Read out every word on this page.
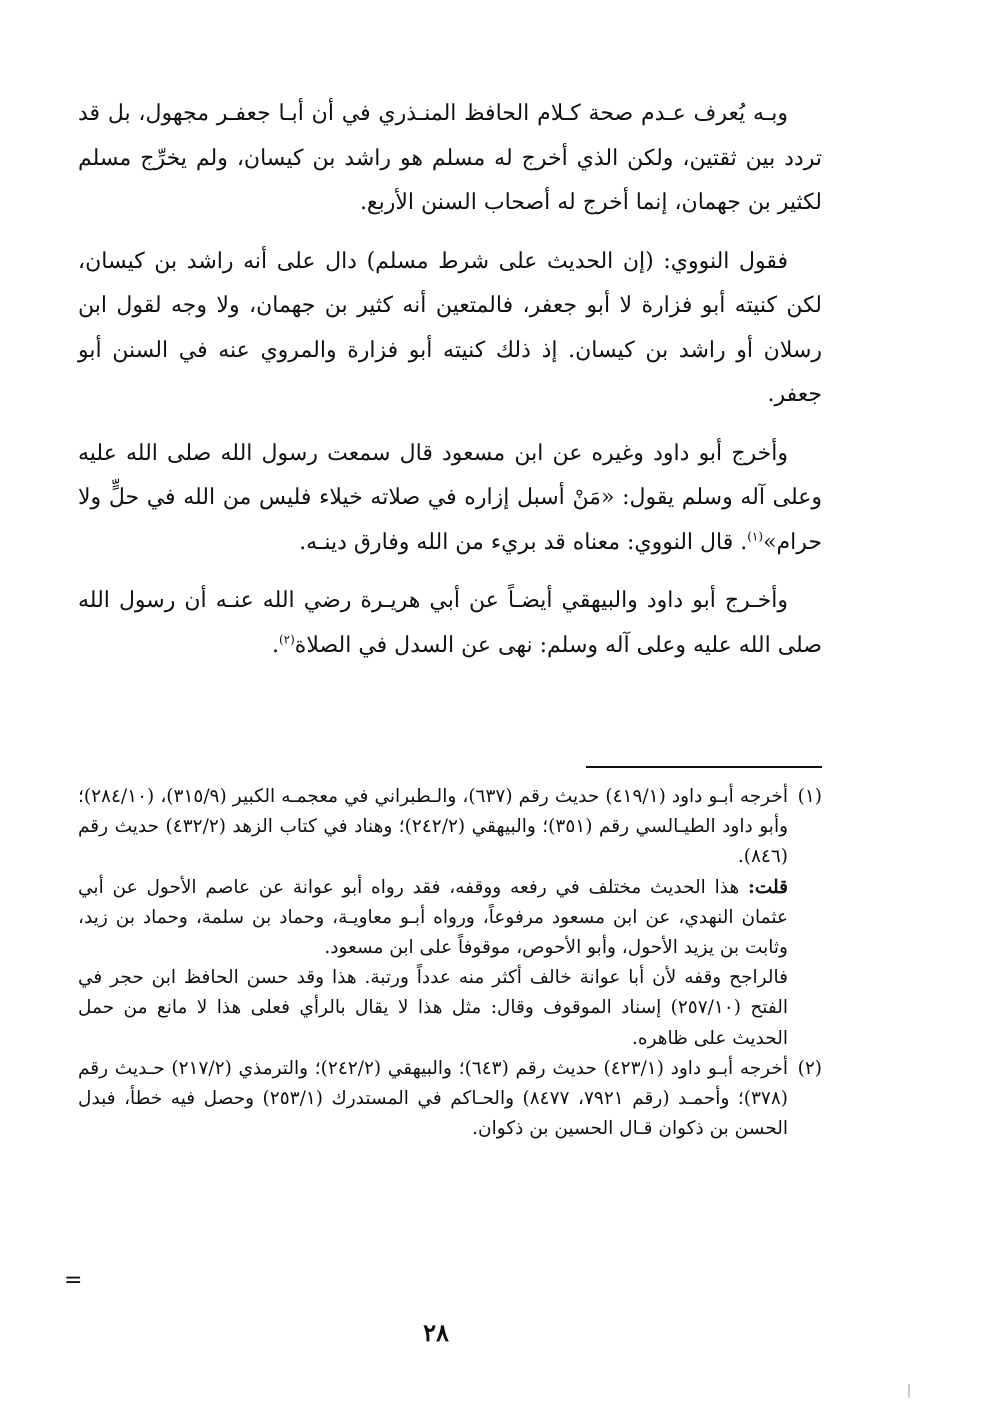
وبـه يُعرف عـدم صحة كـلام الحافظ المنـذري في أن أبـا جعفـر مجهول، بل قد تردد بين ثقتين، ولكن الذي أخرج له مسلم هو راشد بن كيسان، ولم يخرِّج مسلم لكثير بن جهمان، إنما أخرج له أصحاب السنن الأربع.

فقول النووي: (إن الحديث على شرط مسلم) دال على أنه راشد بن كيسان، لكن كنيته أبو فزارة لا أبو جعفر، فالمتعين أنه كثير بن جهمان، ولا وجه لقول ابن رسلان أو راشد بن كيسان. إذ ذلك كنيته أبو فزارة والمروي عنه في السنن أبو جعفر.

وأخرج أبو داود وغيره عن ابن مسعود قال سمعت رسول الله صلى الله عليه وعلى آله وسلم يقول: «مَنْ أسبل إزاره في صلاته خيلاء فليس من الله في حلٍّ ولا حرام»$^{(١)}$. قال النووي: معناه قد بريء من الله وفارق دينـه.

وأخـرج أبو داود والبيهقي أيضـاً عن أبي هريـرة رضي الله عنـه أن رسول الله صلى الله عليه وعلى آله وسلم: نهى عن السدل في الصلاة$^{(٢)}$.

(١)

أخرجه أبـو داود (٤١٩/١) حديث رقم (٦٣٧)، والـطبراني في معجمـه الكبير (٣١٥/٩)، (٢٨٤/١٠)؛ وأبو داود الطيـالسي رقم (٣٥١)؛ والبيهقي (٢٤٢/٢)؛ وهناد في كتاب الزهد (٤٣٢/٢) حديث رقم (٨٤٦).

قلت: هذا الحديث مختلف في رفعه ووقفه، فقد رواه أبو عوانة عن عاصم الأحول عن أبي عثمان النهدي، عن ابن مسعود مرفوعاً، ورواه أبـو معاويـة، وحماد بن سلمة، وحماد بن زيد، وثابت بن يزيد الأحول، وأبو الأحوص، موقوفاً على ابن مسعود.

فالراجح وقفه لأن أبا عوانة خالف أكثر منه عدداً ورتبة. هذا وقد حسن الحافظ ابن حجر في الفتح (٢٥٧/١٠) إسناد الموقوف وقال: مثل هذا لا يقال بالرأي فعلى هذا لا مانع من حمل الحديث على ظاهره.

(٢)

أخرجه أبـو داود (٤٢٣/١) حديث رقم (٦٤٣)؛ والبيهقي (٢٤٢/٢)؛ والترمذي (٢١٧/٢) حـديث رقم (٣٧٨)؛ وأحمـد (رقم ٧٩٢١، ٨٤٧٧) والحـاكم في المستدرك (٢٥٣/١) وحصل فيه خطأ، فبدل الحسن بن ذكوان قـال الحسين بن ذكوان.

=
٢٨
